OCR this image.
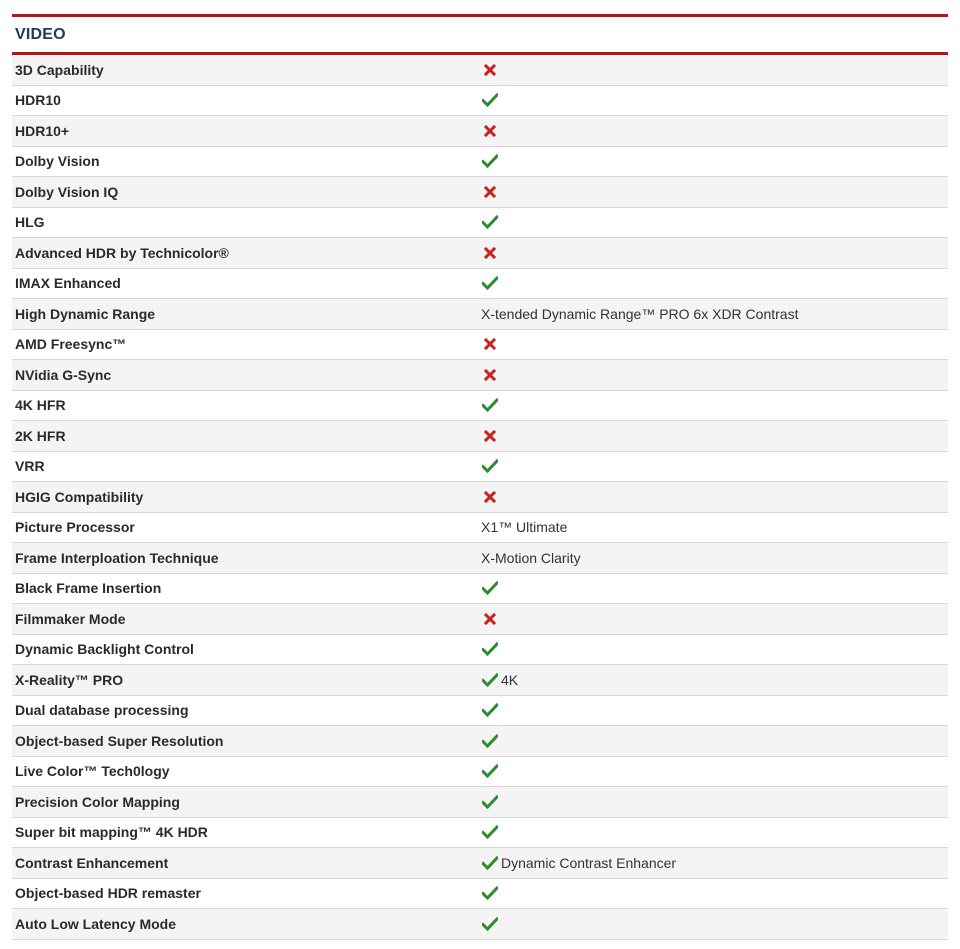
VIDEO
3D Capability
HDR10
HDR10+
Dolby Vision
Dolby Vision IQ
HLG
Advanced HDR by Technicolor®
IMAX Enhanced
High Dynamic Range	X-tended Dynamic Range™ PRO 6x XDR Contrast
AMD Freesync™
NVidia G-Sync
4K HFR
2K HFR
VRR
HGIG Compatibility
Picture Processor	X1™ Ultimate
Frame Interploation Technique	X-Motion Clarity
Black Frame Insertion
Filmmaker Mode
Dynamic Backlight Control
X-Reality™ PRO	4K
Dual database processing
Object-based Super Resolution
Live Color™ Tech0logy
Precision Color Mapping
Super bit mapping™ 4K HDR
Contrast Enhancement	Dynamic Contrast Enhancer
Object-based HDR remaster
Auto Low Latency Mode
